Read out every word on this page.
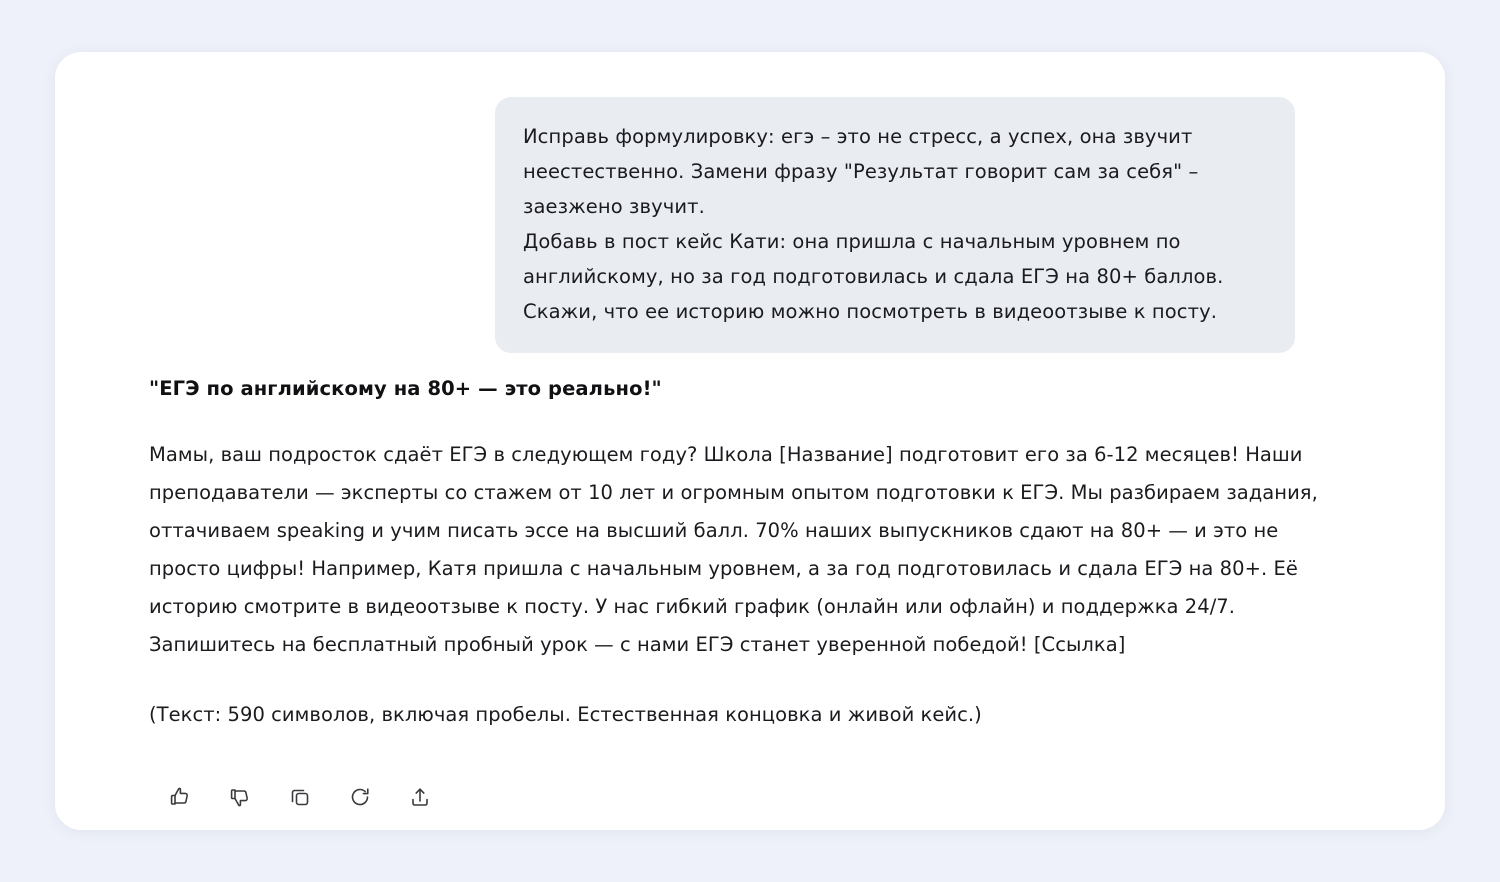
Исправь формулировку: егэ – это не стресс, а успех, она звучит неестественно. Замени фразу "Результат говорит сам за себя" – заезжено звучит.

Добавь в пост кейс Кати: она пришла с начальным уровнем по английскому, но за год подготовилась и сдала ЕГЭ на 80+ баллов. Скажи, что ее историю можно посмотреть в видеоотзыве к посту.

"ЕГЭ по английскому на 80+ — это реально!"

Мамы, ваш подросток сдаёт ЕГЭ в следующем году? Школа [Название] подготовит его за 6-12 месяцев! Наши преподаватели — эксперты со стажем от 10 лет и огромным опытом подготовки к ЕГЭ. Мы разбираем задания, оттачиваем speaking и учим писать эссе на высший балл. 70% наших выпускников сдают на 80+ — и это не просто цифры! Например, Катя пришла с начальным уровнем, а за год подготовилась и сдала ЕГЭ на 80+. Её историю смотрите в видеоотзыве к посту. У нас гибкий график (онлайн или офлайн) и поддержка 24/7. Запишитесь на бесплатный пробный урок — с нами ЕГЭ станет уверенной победой! [Ссылка]

(Текст: 590 символов, включая пробелы. Естественная концовка и живой кейс.)
